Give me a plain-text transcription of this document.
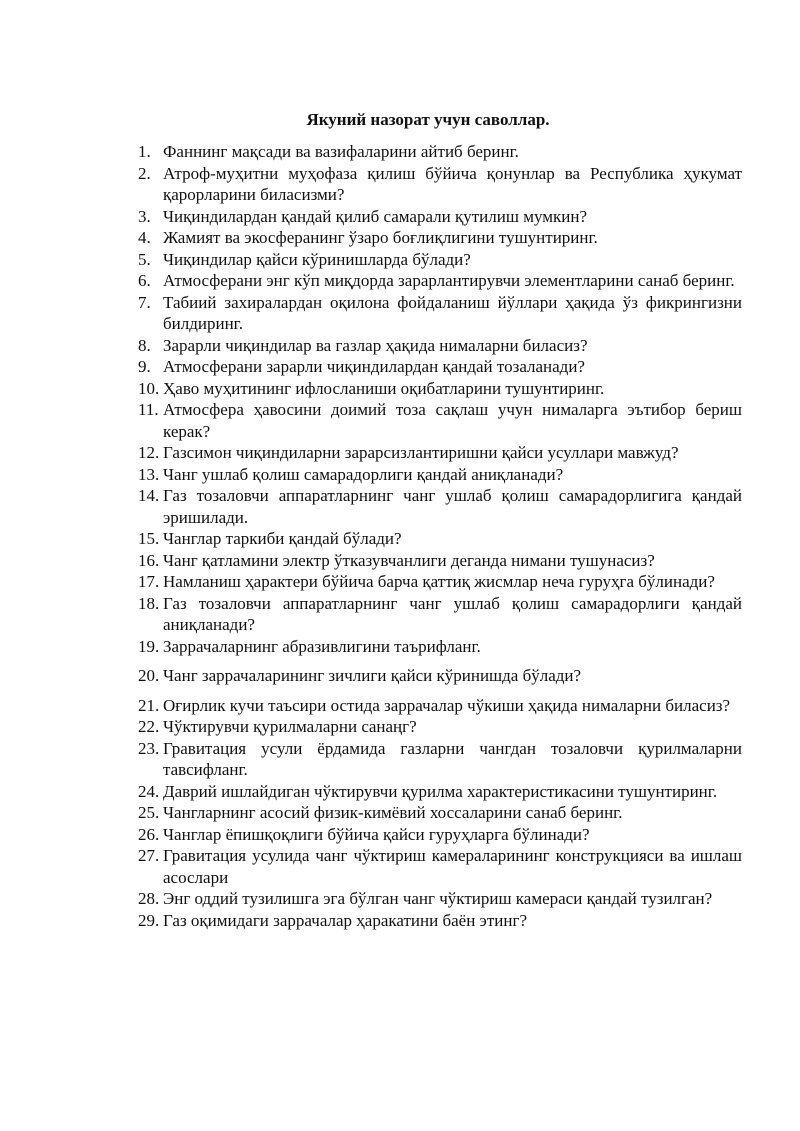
Якуний назорат учун саволлар.
1. Фаннинг мақсади ва вазифаларини айтиб беринг.
2. Атроф-муҳитни муҳофаза қилиш бўйича қонунлар ва Республика ҳукумат қарорларини биласизми?
3. Чиқиндилардан қандай қилиб самарали қутилиш мумкин?
4. Жамият ва экосферанинг ўзаро боғлиқлигини тушунтиринг.
5. Чиқиндилар қайси кўринишларда бўлади?
6. Атмосферани энг кўп миқдорда зарарлантирувчи элементларини санаб беринг.
7. Табиий захиралардан оқилона фойдаланиш йўллари ҳақида ўз фикрингизни билдиринг.
8. Зарарли чиқиндилар ва газлар ҳақида нималарни биласиз?
9. Атмосферани зарарли чиқиндилардан қандай тозаланади?
10. Ҳаво муҳитининг ифлосланиши оқибатларини тушунтиринг.
11. Атмосфера ҳавосини доимий тоза сақлаш учун нималарга эътибор бериш керак?
12. Газсимон чиқиндиларни зарарсизлантиришни қайси усуллари мавжуд?
13. Чанг ушлаб қолиш самарадорлиги қандай аниқланади?
14. Газ тозаловчи аппаратларнинг чанг ушлаб қолиш самарадорлигига қандай эришилади.
15. Чанглар таркиби қандай бўлади?
16. Чанг қатламини электр ўтказувчанлиги деганда нимани тушунасиз?
17. Намланиш ҳарактери бўйича барча қаттиқ жисмлар неча гуруҳга бўлинади?
18. Газ тозаловчи аппаратларнинг чанг ушлаб қолиш самарадорлиги қандай аниқланади?
19. Заррачаларнинг абразивлигини таърифланг.
20. Чанг заррачаларининг зичлиги қайси кўринишда бўлади?
21. Оғирлик кучи таъсири остида заррачалар чўкиши ҳақида нималарни биласиз?
22. Чўктирувчи қурилмаларни cанаңг?
23. Гравитация усули ёрдамида газларни чангдан тозаловчи қурилмаларни тавсифланг.
24. Даврий ишлайдиган чўктирувчи қурилма характеристикасини тушунтиринг.
25. Чангларнинг асосий физик-кимёвий хоссаларини санаб беринг.
26. Чанглар ёпишқоқлиги бўйича қайси гуруҳларга бўлинади?
27. Гравитация усулида чанг чўктириш камераларининг конструкцияси ва ишлаш асослари
28. Энг оддий тузилишга эга бўлган чанг чўктириш камераси қандай тузилган?
29. Газ оқимидаги заррачалар ҳаракатини баён этинг?
